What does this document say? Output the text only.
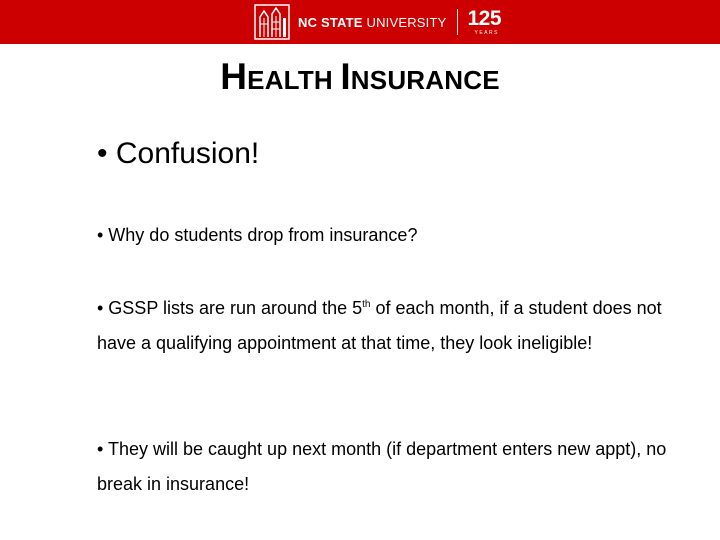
NC STATE UNIVERSITY 125
YEARS
HEALTH INSURANCE
• Confusion!
• Why do students drop from insurance?
• GSSP lists are run around the 5th of each month, if a student does not have a qualifying appointment at that time, they look ineligible!
• They will be caught up next month (if department enters new appt), no break in insurance!
